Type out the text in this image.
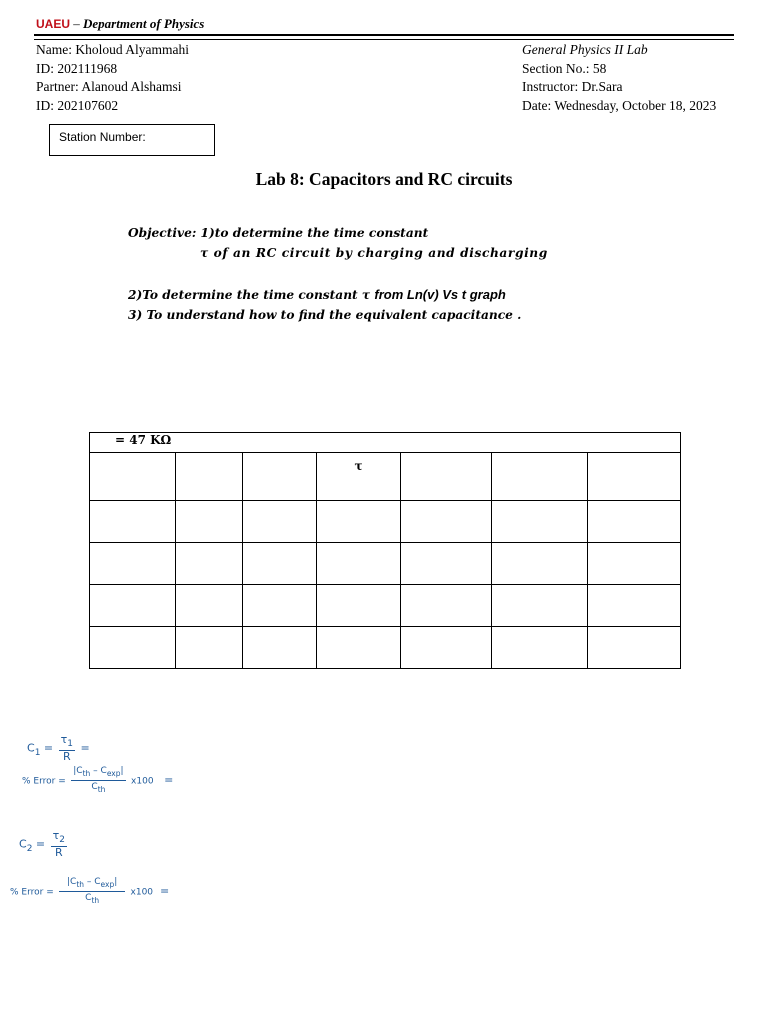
UAEU – Department of Physics
Name: Kholoud Alyammahi
ID: 202111968
Partner: Alanoud Alshamsi
ID: 202107602
General Physics II Lab
Section No.: 58
Instructor: Dr.Sara
Date: Wednesday, October 18, 2023
Station Number:
Lab 8: Capacitors and RC circuits
Objective: 1)to determine the time constant
τ of an RC circuit by charging and discharging
2)To determine the time constant τ from Ln(v) Vs t graph
3) To understand how to find the equivalent capacitance .
= 47 KΩ						
			τ			

$C_1 = \frac{\tau_1}{R}$ =
% Error = $\frac{|C_{th} - C_{exp}|}{C_{th}} x100$ =
$C_2 = \frac{\tau_2}{R}$
% Error = $\frac{|C_{th} - C_{exp}|}{C_{th}} x100$ =
